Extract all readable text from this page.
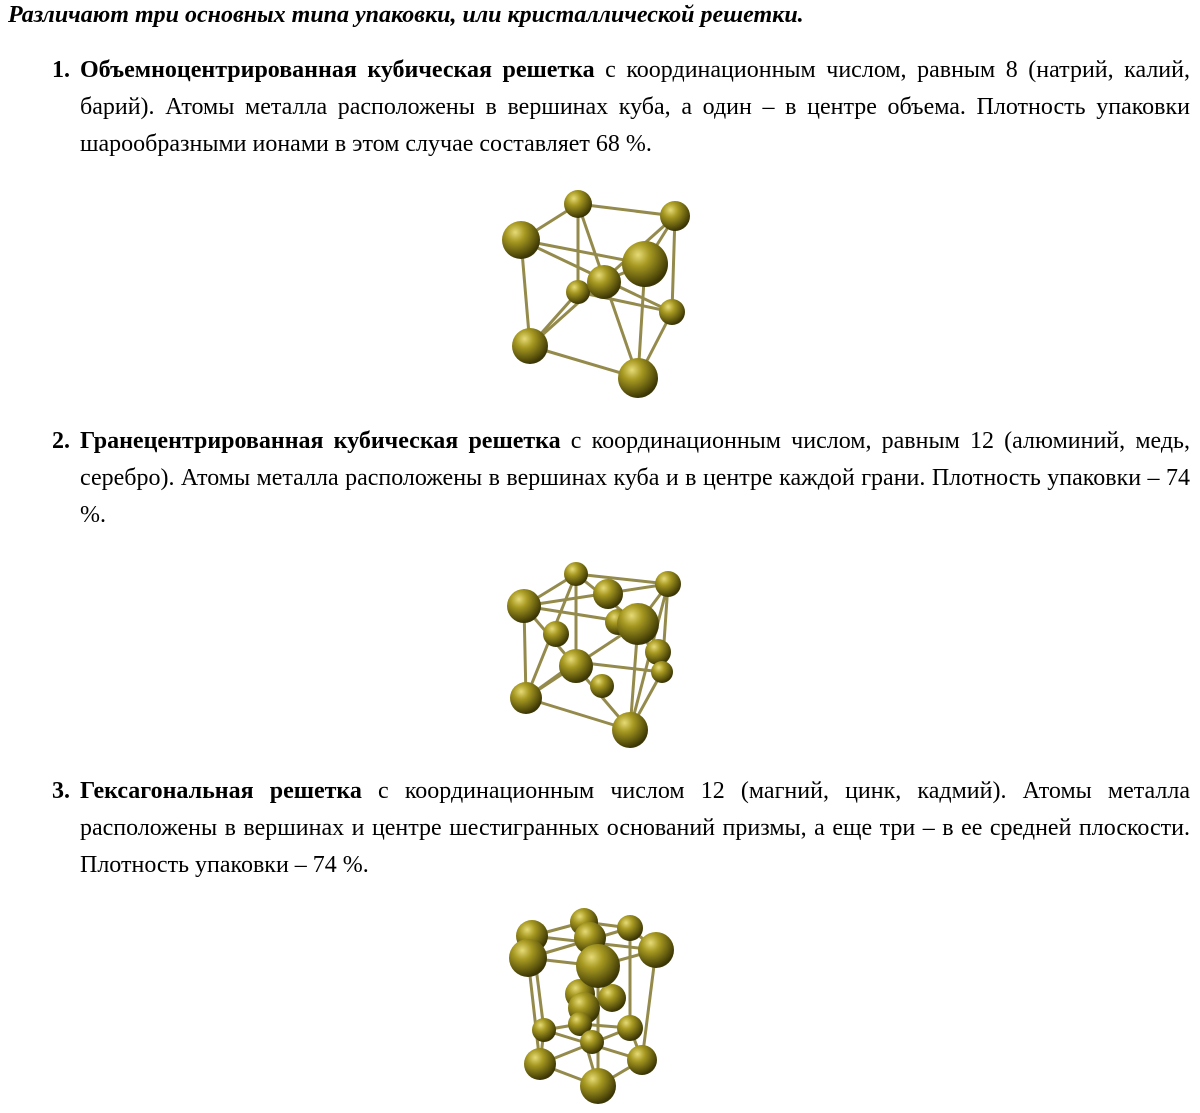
Различают три основных типа упаковки, или кристаллической решетки.

1. Объемноцентрированная кубическая решетка с координационным числом, равным 8 (натрий, калий, барий). Атомы металла расположены в вершинах куба, а один – в центре объема. Плотность упаковки шарообразными ионами в этом случае составляет 68 %.

2. Гранецентрированная кубическая решетка с координационным числом, равным 12 (алюминий, медь, серебро). Атомы металла расположены в вершинах куба и в центре каждой грани. Плотность упаковки – 74 %.

3. Гексагональная решетка с координационным числом 12 (магний, цинк, кадмий). Атомы металла расположены в вершинах и центре шестигранных оснований призмы, а еще три – в ее средней плоскости. Плотность упаковки – 74 %.
